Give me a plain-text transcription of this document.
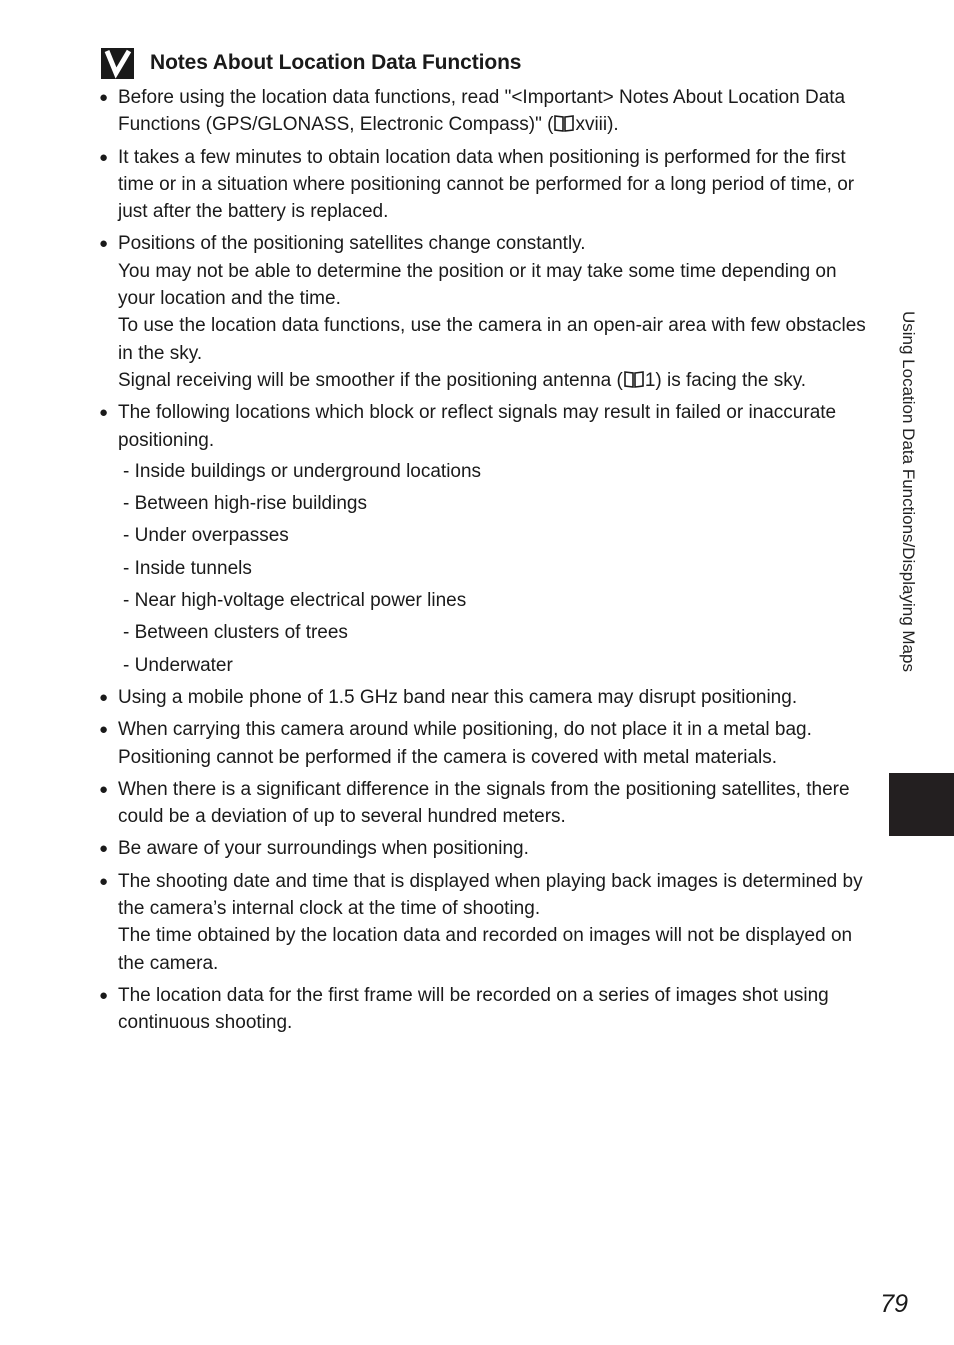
Notes About Location Data Functions
● Before using the location data functions, read "<Important> Notes About Location Data Functions (GPS/GLONASS, Electronic Compass)" ( xviii).

● It takes a few minutes to obtain location data when positioning is performed for the first time or in a situation where positioning cannot be performed for a long period of time, or just after the battery is replaced.

● Positions of the positioning satellites change constantly.

You may not be able to determine the position or it may take some time depending on your location and the time.

To use the location data functions, use the camera in an open-air area with few obstacles in the sky.

Signal receiving will be smoother if the positioning antenna ( 1) is facing the sky.

● The following locations which block or reflect signals may result in failed or inaccurate positioning.

- Inside buildings or underground locations
- Between high-rise buildings
- Under overpasses
- Inside tunnels
- Near high-voltage electrical power lines
- Between clusters of trees
- Underwater
● Using a mobile phone of 1.5 GHz band near this camera may disrupt positioning.

● When carrying this camera around while positioning, do not place it in a metal bag.

Positioning cannot be performed if the camera is covered with metal materials.

● When there is a significant difference in the signals from the positioning satellites, there could be a deviation of up to several hundred meters.

● Be aware of your surroundings when positioning.

● The shooting date and time that is displayed when playing back images is determined by the camera’s internal clock at the time of shooting.

The time obtained by the location data and recorded on images will not be displayed on the camera.

● The location data for the first frame will be recorded on a series of images shot using continuous shooting.

Using Location Data Functions/Displaying Maps
79
